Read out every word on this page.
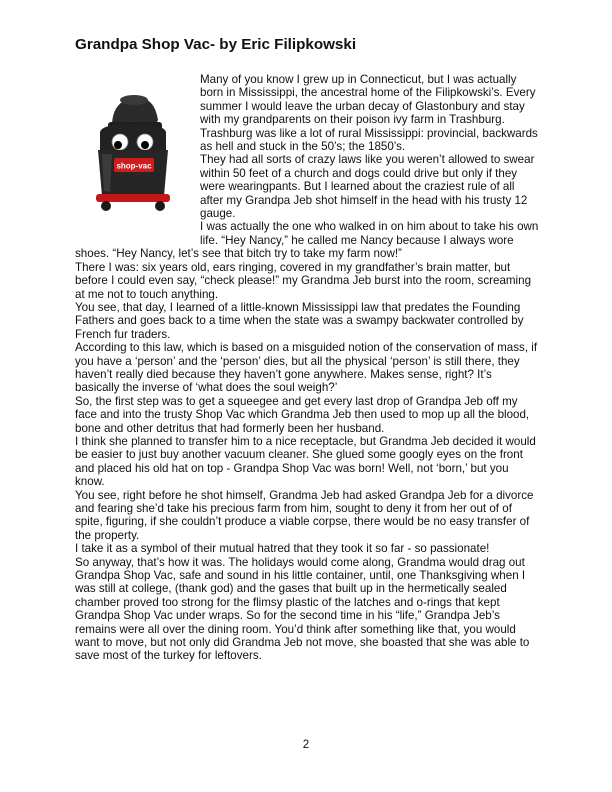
Grandpa Shop Vac- by Eric Filipkowski
shop-vac

Many of you know I grew up in Connecticut, but I was actually born in Mississippi, the ancestral home of the Filipkowski’s. Every summer I would leave the urban decay of Glastonbury and stay with my grandparents on their poison ivy farm in Trashburg.

Trashburg was like a lot of rural Mississippi: provincial, backwards as hell and stuck in the 50’s; the 1850’s.

They had all sorts of crazy laws like you weren’t allowed to swear within 50 feet of a church and dogs could drive but only if they were wearingpants. But I learned about the craziest rule of all after my Grandpa Jeb shot himself in the head with his trusty 12 gauge.

I was actually the one who walked in on him about to take his own life. “Hey Nancy,” he called me Nancy because I always wore shoes. “Hey Nancy, let’s see that bitch try to take my farm now!”

There I was: six years old, ears ringing, covered in my grandfather’s brain matter, but before I could even say, “check please!” my Grandma Jeb burst into the room, screaming at me not to touch anything.

You see, that day, I learned of a little-known Mississippi law that predates the Founding Fathers and goes back to a time when the state was a swampy backwater controlled by French fur traders.

According to this law, which is based on a misguided notion of the conservation of mass, if you have a ‘person’ and the ‘person’ dies, but all the physical ‘person’ is still there, they haven’t really died because they haven’t gone anywhere. Makes sense, right? It’s basically the inverse of ‘what does the soul weigh?’

So, the first step was to get a squeegee and get every last drop of Grandpa Jeb off my face and into the trusty Shop Vac which Grandma Jeb then used to mop up all the blood, bone and other detritus that had formerly been her husband.

I think she planned to transfer him to a nice receptacle, but Grandma Jeb decided it would be easier to just buy another vacuum cleaner. She glued some googly eyes on the front and placed his old hat on top - Grandpa Shop Vac was born! Well, not ‘born,’ but you know.

You see, right before he shot himself, Grandma Jeb had asked Grandpa Jeb for a divorce and fearing she’d take his precious farm from him, sought to deny it from her out of of spite, figuring, if she couldn’t produce a viable corpse, there would be no easy transfer of the property.

I take it as a symbol of their mutual hatred that they took it so far - so passionate!

So anyway, that’s how it was. The holidays would come along, Grandma would drag out Grandpa Shop Vac, safe and sound in his little container, until, one Thanksgiving when I was still at college, (thank god) and the gases that built up in the hermetically sealed chamber proved too strong for the flimsy plastic of the latches and o-rings that kept Grandpa Shop Vac under wraps. So for the second time in his “life,” Grandpa Jeb’s remains were all over the dining room. You’d think after something like that, you would want to move, but not only did Grandma Jeb not move, she boasted that she was able to save most of the turkey for leftovers.

2
